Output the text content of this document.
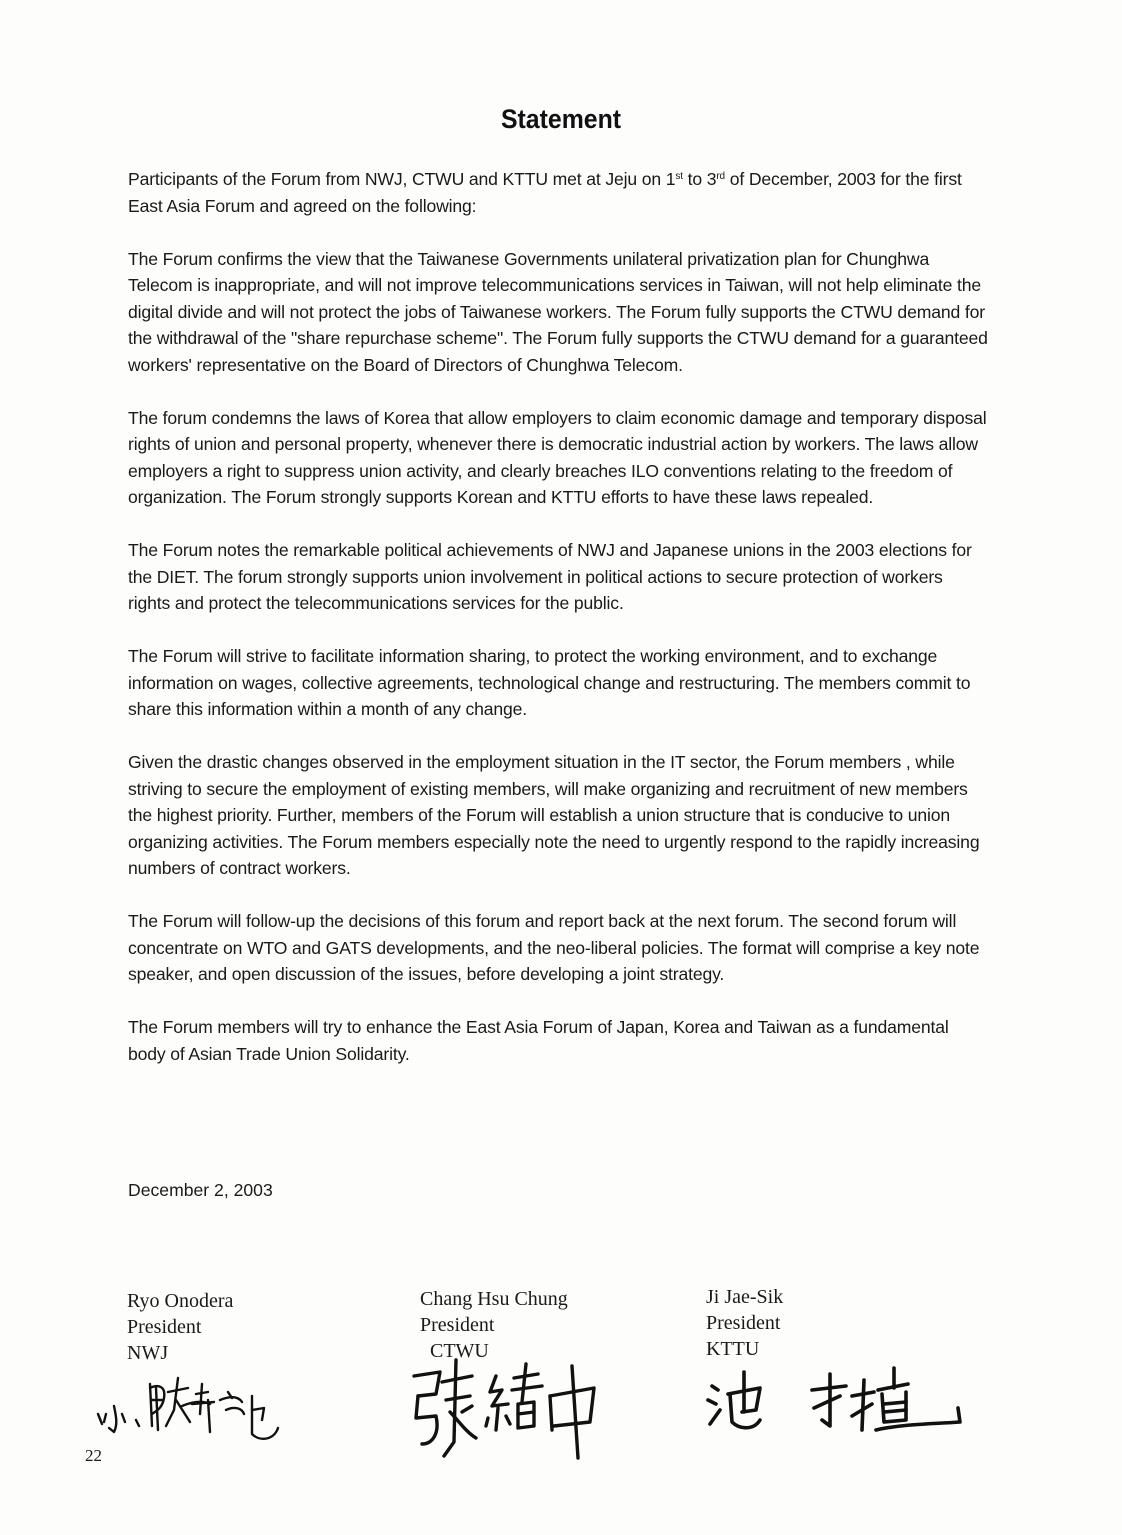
Statement

Participants of the Forum from NWJ, CTWU and KTTU met at Jeju on 1st to 3rd of December, 2003 for the first East Asia Forum and agreed on the following:

The Forum confirms the view that the Taiwanese Governments unilateral privatization plan for Chunghwa Telecom is inappropriate, and will not improve telecommunications services in Taiwan, will not help eliminate the digital divide and will not protect the jobs of Taiwanese workers. The Forum fully supports the CTWU demand for the withdrawal of the "share repurchase scheme". The Forum fully supports the CTWU demand for a guaranteed workers' representative on the Board of Directors of Chunghwa Telecom.

The forum condemns the laws of Korea that allow employers to claim economic damage and temporary disposal rights of union and personal property, whenever there is democratic industrial action by workers. The laws allow employers a right to suppress union activity, and clearly breaches ILO conventions relating to the freedom of organization. The Forum strongly supports Korean and KTTU efforts to have these laws repealed.

The Forum notes the remarkable political achievements of NWJ and Japanese unions in the 2003 elections for the DIET. The forum strongly supports union involvement in political actions to secure protection of workers rights and protect the telecommunications services for the public.

The Forum will strive to facilitate information sharing, to protect the working environment, and to exchange information on wages, collective agreements, technological change and restructuring. The members commit to share this information within a month of any change.

Given the drastic changes observed in the employment situation in the IT sector, the Forum members , while striving to secure the employment of existing members, will make organizing and recruitment of new members the highest priority. Further, members of the Forum will establish a union structure that is conducive to union organizing activities. The Forum members especially note the need to urgently respond to the rapidly increasing numbers of contract workers.

The Forum will follow-up the decisions of this forum and report back at the next forum. The second forum will concentrate on WTO and GATS developments, and the neo-liberal policies. The format will comprise a key note speaker, and open discussion of the issues, before developing a joint strategy.

The Forum members will try to enhance the East Asia Forum of Japan, Korea and Taiwan as a fundamental body of Asian Trade Union Solidarity.

December 2, 2003
Ryo Onodera
President
NWJ
Chang Hsu Chung
President
CTWU
Ji Jae-Sik
President
KTTU
22
